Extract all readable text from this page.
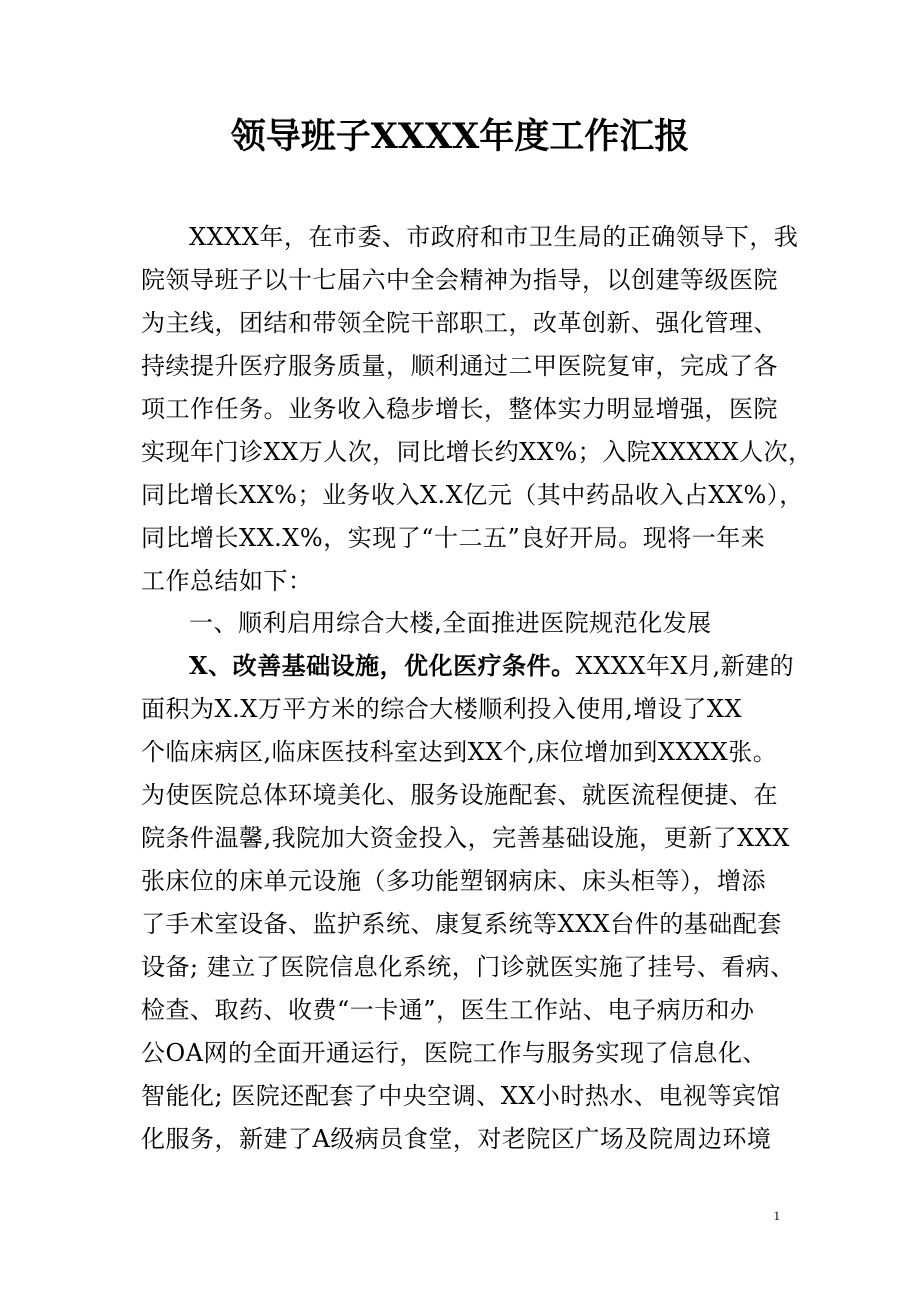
领导班子XXXX年度工作汇报
XXXX年，在市委、市政府和市卫生局的正确领导下，我
院领导班子以十七届六中全会精神为指导，以创建等级医院
为主线，团结和带领全院干部职工，改革创新、强化管理、
持续提升医疗服务质量，顺利通过二甲医院复审，完成了各
项工作任务。业务收入稳步增长，整体实力明显增强，医院
实现年门诊XX万人次，同比增长约XX%；入院XXXXX人次，
同比增长XX%；业务收入X.X亿元（其中药品收入占XX%），
同比增长XX.X%，实现了“十二五”良好开局。现将一年来
工作总结如下：
一、顺利启用综合大楼,全面推进医院规范化发展
X、改善基础设施，优化医疗条件。XXXX年X月,新建的
面积为X.X万平方米的综合大楼顺利投入使用,增设了XX
个临床病区,临床医技科室达到XX个,床位增加到XXXX张。
为使医院总体环境美化、服务设施配套、就医流程便捷、在
院条件温馨,我院加大资金投入，完善基础设施，更新了XXX
张床位的床单元设施（多功能塑钢病床、床头柜等），增添
了手术室设备、监护系统、康复系统等XXX台件的基础配套
设备; 建立了医院信息化系统，门诊就医实施了挂号、看病、
检查、取药、收费“一卡通”，医生工作站、电子病历和办
公OA网的全面开通运行，医院工作与服务实现了信息化、
智能化; 医院还配套了中央空调、XX小时热水、电视等宾馆
化服务，新建了A级病员食堂，对老院区广场及院周边环境
1
